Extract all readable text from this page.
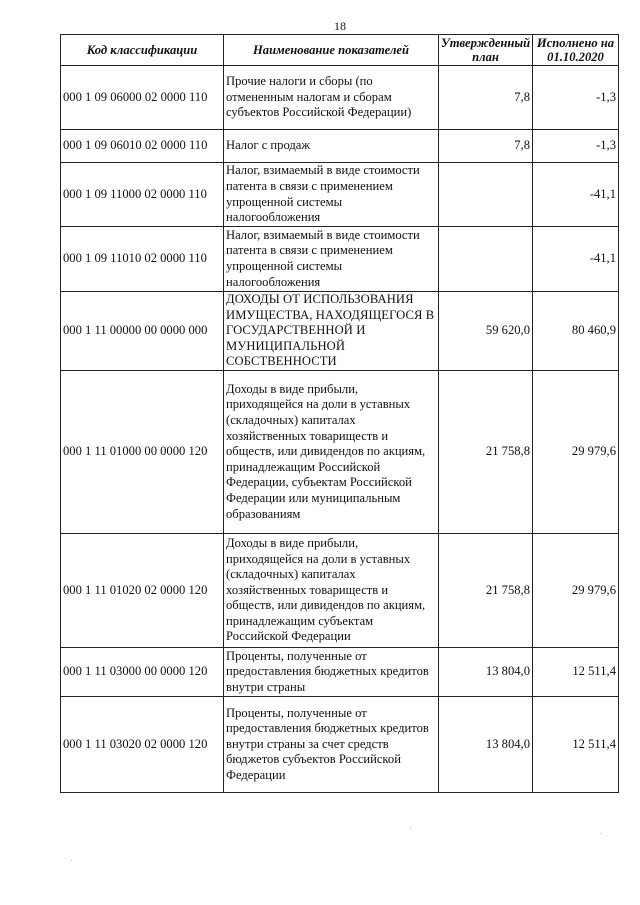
18
Код классификации	Наименование показателей	Утвержденный план	Исполнено на 01.10.2020
000 1 09 06000 02 0000 110	Прочие налоги и сборы (по отмененным налогам и сборам субъектов Российской Федерации)	7,8	-1,3
000 1 09 06010 02 0000 110	Налог с продаж	7,8	-1,3
000 1 09 11000 02 0000 110	Налог, взимаемый в виде стоимости патента в связи с применением упрощенной системы налогообложения		-41,1
000 1 09 11010 02 0000 110	Налог, взимаемый в виде стоимости патента в связи с применением упрощенной системы налогообложения		-41,1
000 1 11 00000 00 0000 000	ДОХОДЫ ОТ ИСПОЛЬЗОВАНИЯ ИМУЩЕСТВА, НАХОДЯЩЕГОСЯ В ГОСУДАРСТВЕННОЙ И МУНИЦИПАЛЬНОЙ СОБСТВЕННОСТИ	59 620,0	80 460,9
000 1 11 01000 00 0000 120	Доходы в виде прибыли, приходящейся на доли в уставных (складочных) капиталах хозяйственных товариществ и обществ, или дивидендов по акциям, принадлежащим Российской Федерации, субъектам Российской Федерации или муниципальным образованиям	21 758,8	29 979,6
000 1 11 01020 02 0000 120	Доходы в виде прибыли, приходящейся на доли в уставных (складочных) капиталах хозяйственных товариществ и обществ, или дивидендов по акциям, принадлежащим субъектам Российской Федерации	21 758,8	29 979,6
000 1 11 03000 00 0000 120	Проценты, полученные от предоставления бюджетных кредитов внутри страны	13 804,0	12 511,4
000 1 11 03020 02 0000 120	Проценты, полученные от предоставления бюджетных кредитов внутри страны за счет средств бюджетов субъектов Российской Федерации	13 804,0	12 511,4
